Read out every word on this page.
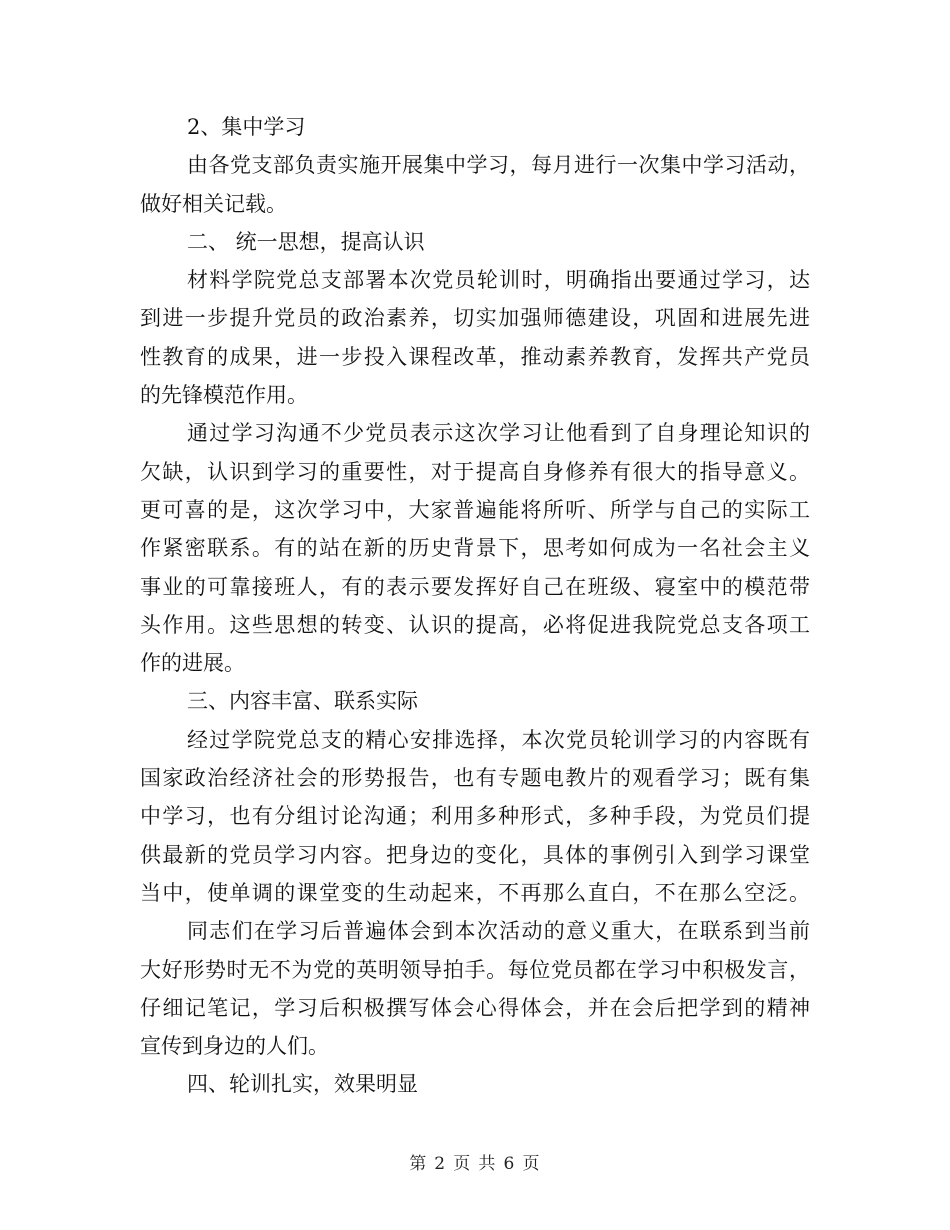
2、集中学习
由各党支部负责实施开展集中学习，每月进行一次集中学习活动，
做好相关记载。
二、 统一思想，提高认识
材料学院党总支部署本次党员轮训时，明确指出要通过学习，达
到进一步提升党员的政治素养，切实加强师德建设，巩固和进展先进
性教育的成果，进一步投入课程改革，推动素养教育，发挥共产党员
的先锋模范作用。
通过学习沟通不少党员表示这次学习让他看到了自身理论知识的
欠缺，认识到学习的重要性，对于提高自身修养有很大的指导意义。
更可喜的是，这次学习中，大家普遍能将所听、所学与自己的实际工
作紧密联系。有的站在新的历史背景下，思考如何成为一名社会主义
事业的可靠接班人，有的表示要发挥好自己在班级、寝室中的模范带
头作用。这些思想的转变、认识的提高，必将促进我院党总支各项工
作的进展。
三、内容丰富、联系实际
经过学院党总支的精心安排选择，本次党员轮训学习的内容既有
国家政治经济社会的形势报告，也有专题电教片的观看学习；既有集
中学习，也有分组讨论沟通；利用多种形式，多种手段，为党员们提
供最新的党员学习内容。把身边的变化，具体的事例引入到学习课堂
当中，使单调的课堂变的生动起来，不再那么直白，不在那么空泛。
同志们在学习后普遍体会到本次活动的意义重大，在联系到当前
大好形势时无不为党的英明领导拍手。每位党员都在学习中积极发言，
仔细记笔记，学习后积极撰写体会心得体会，并在会后把学到的精神
宣传到身边的人们。
四、轮训扎实，效果明显
第 2 页 共 6 页
